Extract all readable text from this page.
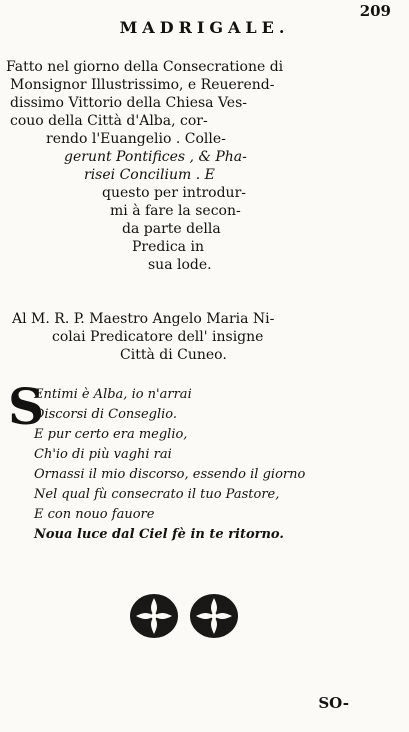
209
MADRIGALE.
Fatto nel giorno della Consecratione di
Monsignor Illustrissimo, e Reuerend-
dissimo Vittorio della Chiesa Ves-
couo della Città d'Alba, cor-
rendo l'Euangelio . Colle-
gerunt Pontifices , & Pha-
risei Concilium . E
questo per introdur-
mi à fare la secon-
da parte della
Predica in
sua lode.
Al M. R. P. Maestro Angelo Maria Ni-
colai Predicatore dell' insigne
Città di Cuneo.
S
Entimi è Alba, io n'arrai
Discorsi di Conseglio.
E pur certo era meglio,
Ch'io di più vaghi rai
Ornassi il mio discorso, essendo il giorno
Nel qual fù consecrato il tuo Pastore,
E con nouo fauore
Noua luce dal Ciel fè in te ritorno.
SO-
